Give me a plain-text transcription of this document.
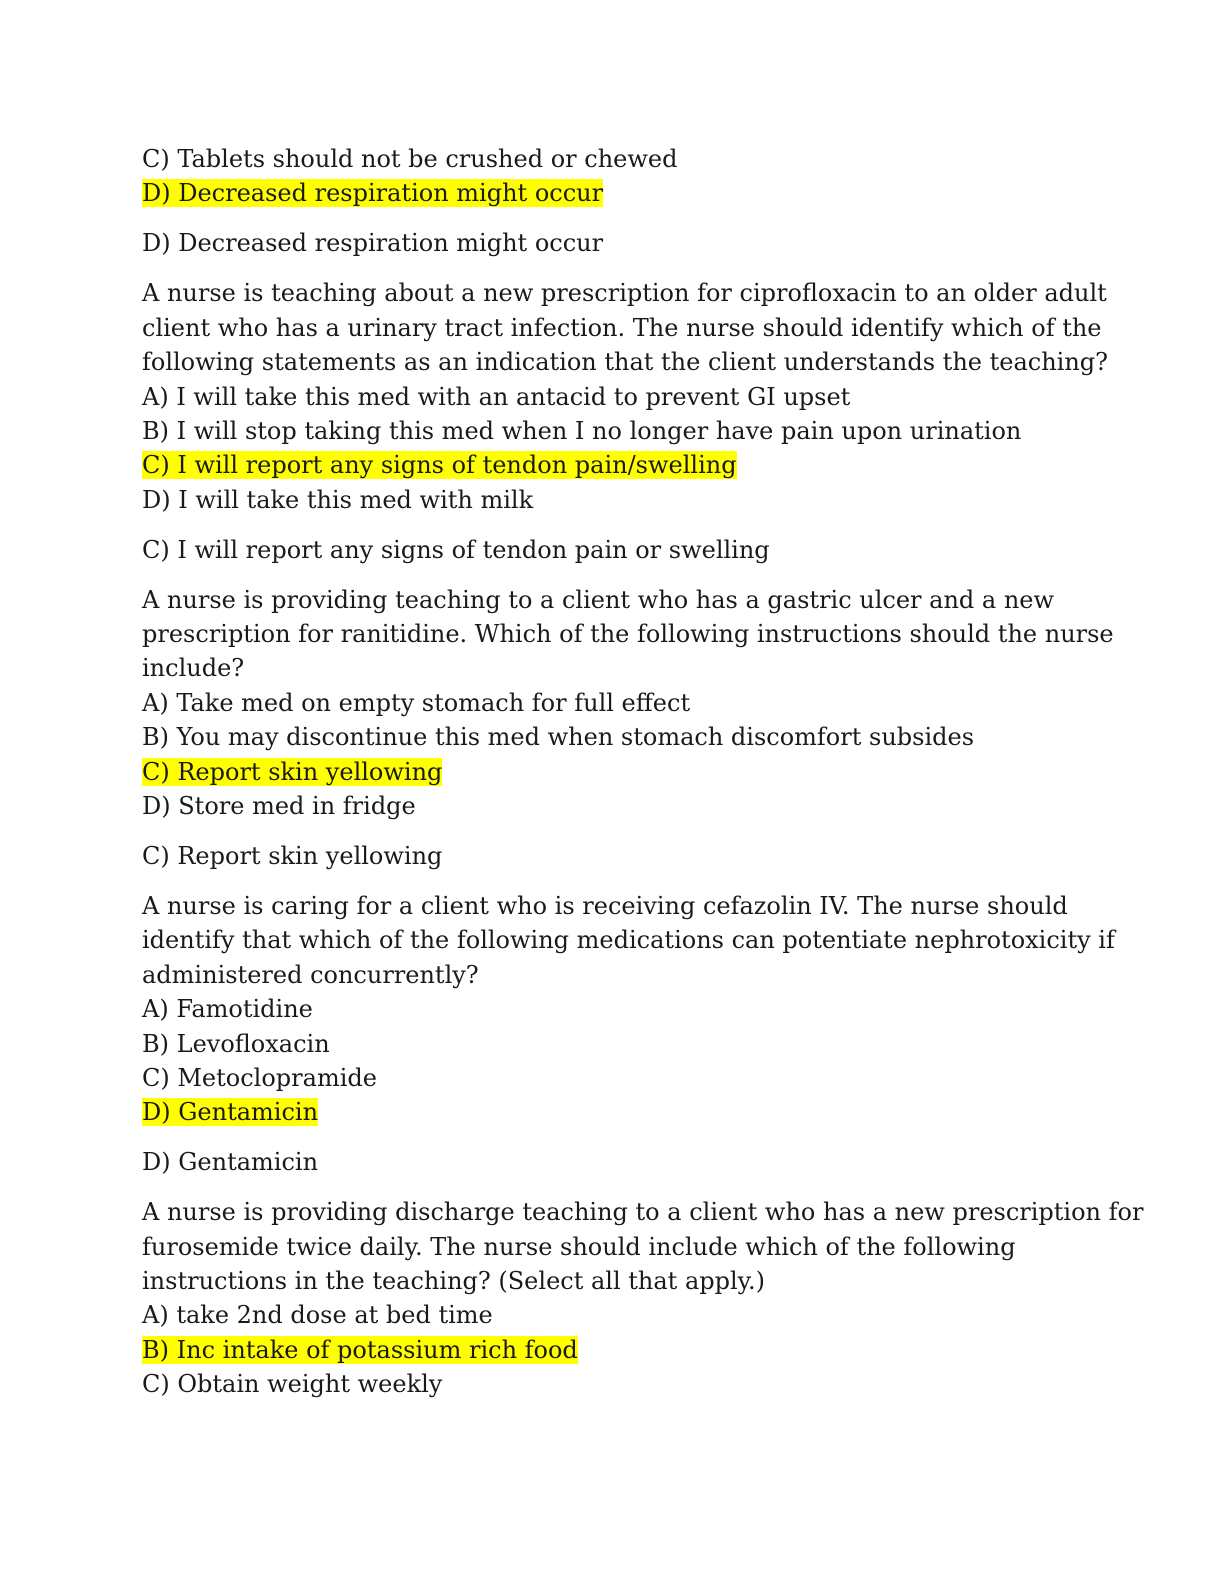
C) Tablets should not be crushed or chewed
D) Decreased respiration might occur
D) Decreased respiration might occur
A nurse is teaching about a new prescription for ciprofloxacin to an older adult
client who has a urinary tract infection. The nurse should identify which of the
following statements as an indication that the client understands the teaching?
A) I will take this med with an antacid to prevent GI upset
B) I will stop taking this med when I no longer have pain upon urination
C) I will report any signs of tendon pain/swelling
D) I will take this med with milk
C) I will report any signs of tendon pain or swelling
A nurse is providing teaching to a client who has a gastric ulcer and a new
prescription for ranitidine. Which of the following instructions should the nurse
include?
A) Take med on empty stomach for full effect
B) You may discontinue this med when stomach discomfort subsides
C) Report skin yellowing
D) Store med in fridge
C) Report skin yellowing
A nurse is caring for a client who is receiving cefazolin IV. The nurse should
identify that which of the following medications can potentiate nephrotoxicity if
administered concurrently?
A) Famotidine
B) Levofloxacin
C) Metoclopramide
D) Gentamicin
D) Gentamicin
A nurse is providing discharge teaching to a client who has a new prescription for
furosemide twice daily. The nurse should include which of the following
instructions in the teaching? (Select all that apply.)
A) take 2nd dose at bed time
B) Inc intake of potassium rich food
C) Obtain weight weekly
